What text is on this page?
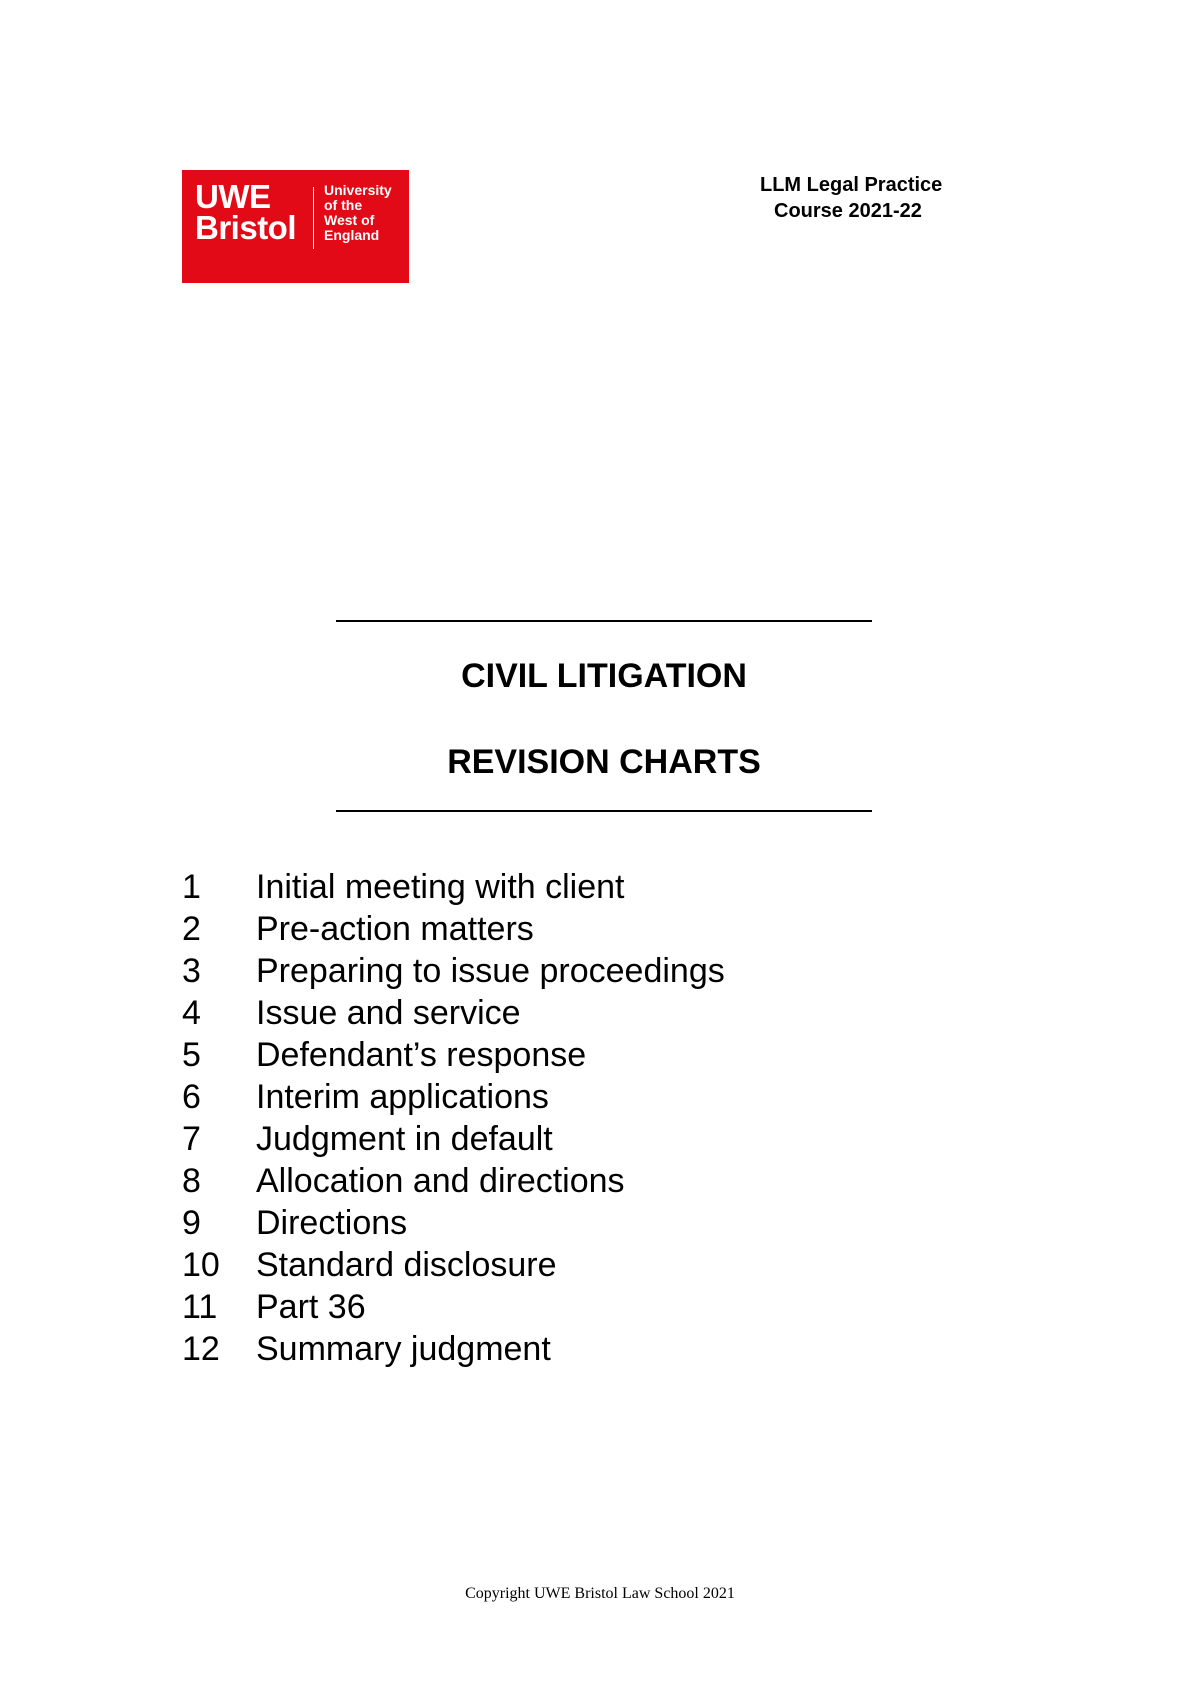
UWE
Bristol
University
of the
West of
England
LLM Legal Practice
Course 2021-22
CIVIL LITIGATION
REVISION CHARTS
1 Initial meeting with client
2 Pre-action matters
3 Preparing to issue proceedings
4 Issue and service
5 Defendant’s response
6 Interim applications
7 Judgment in default
8 Allocation and directions
9 Directions
10 Standard disclosure
11 Part 36
12 Summary judgment
Copyright UWE Bristol Law School 2021
